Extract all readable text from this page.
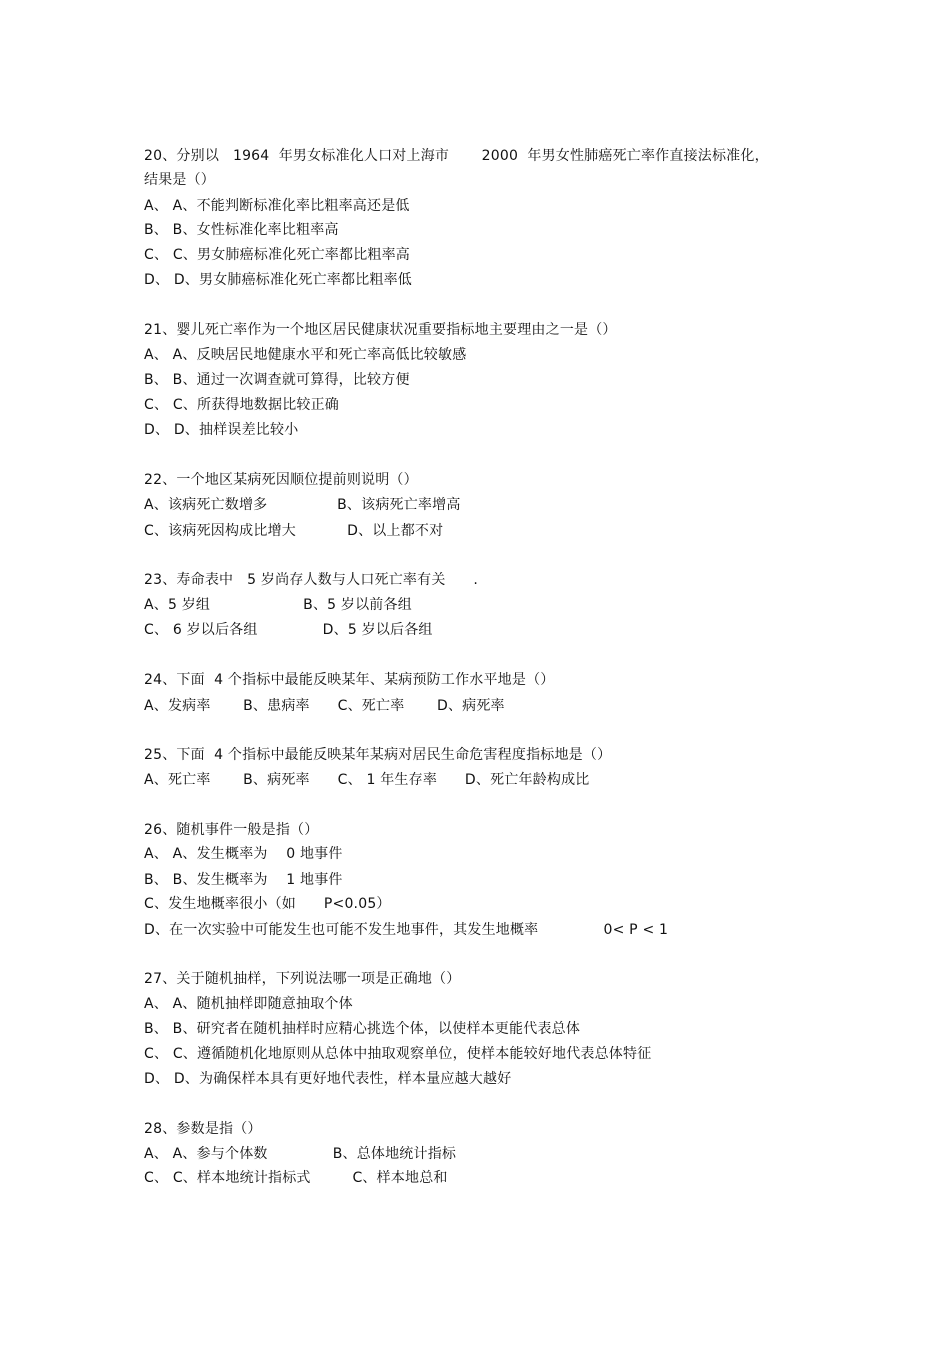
20、分别以   1964  年男女标准化人口对上海市       2000  年男女性肺癌死亡率作直接法标准化，
结果是（）
A、 A、不能判断标准化率比粗率高还是低
B、 B、女性标准化率比粗率高
C、 C、男女肺癌标准化死亡率都比粗率高
D、 D、男女肺癌标准化死亡率都比粗率低
21、婴儿死亡率作为一个地区居民健康状况重要指标地主要理由之一是（）
A、 A、反映居民地健康水平和死亡率高低比较敏感
B、 B、通过一次调查就可算得，比较方便
C、 C、所获得地数据比较正确
D、 D、抽样误差比较小
22、一个地区某病死因顺位提前则说明（）
A、该病死亡数增多               B、该病死亡率增高
C、该病死因构成比增大           D、以上都不对
23、寿命表中   5 岁尚存人数与人口死亡率有关      .
A、5 岁组                    B、5 岁以前各组
C、 6 岁以后各组              D、5 岁以后各组
24、下面  4 个指标中最能反映某年、某病预防工作水平地是（）
A、发病率       B、患病率      C、死亡率       D、病死率
25、下面  4 个指标中最能反映某年某病对居民生命危害程度指标地是（）
A、死亡率       B、病死率      C、 1 年生存率      D、死亡年龄构成比
26、随机事件一般是指（）
A、 A、发生概率为    0 地事件
B、 B、发生概率为    1 地事件
C、发生地概率很小（如      P<0.05）
D、在一次实验中可能发生也可能不发生地事件，其发生地概率              0< P < 1
27、关于随机抽样，下列说法哪一项是正确地（）
A、 A、随机抽样即随意抽取个体
B、 B、研究者在随机抽样时应精心挑选个体，以使样本更能代表总体
C、 C、遵循随机化地原则从总体中抽取观察单位，使样本能较好地代表总体特征
D、 D、为确保样本具有更好地代表性，样本量应越大越好
28、参数是指（）
A、 A、参与个体数              B、总体地统计指标
C、 C、样本地统计指标式         C、样本地总和
